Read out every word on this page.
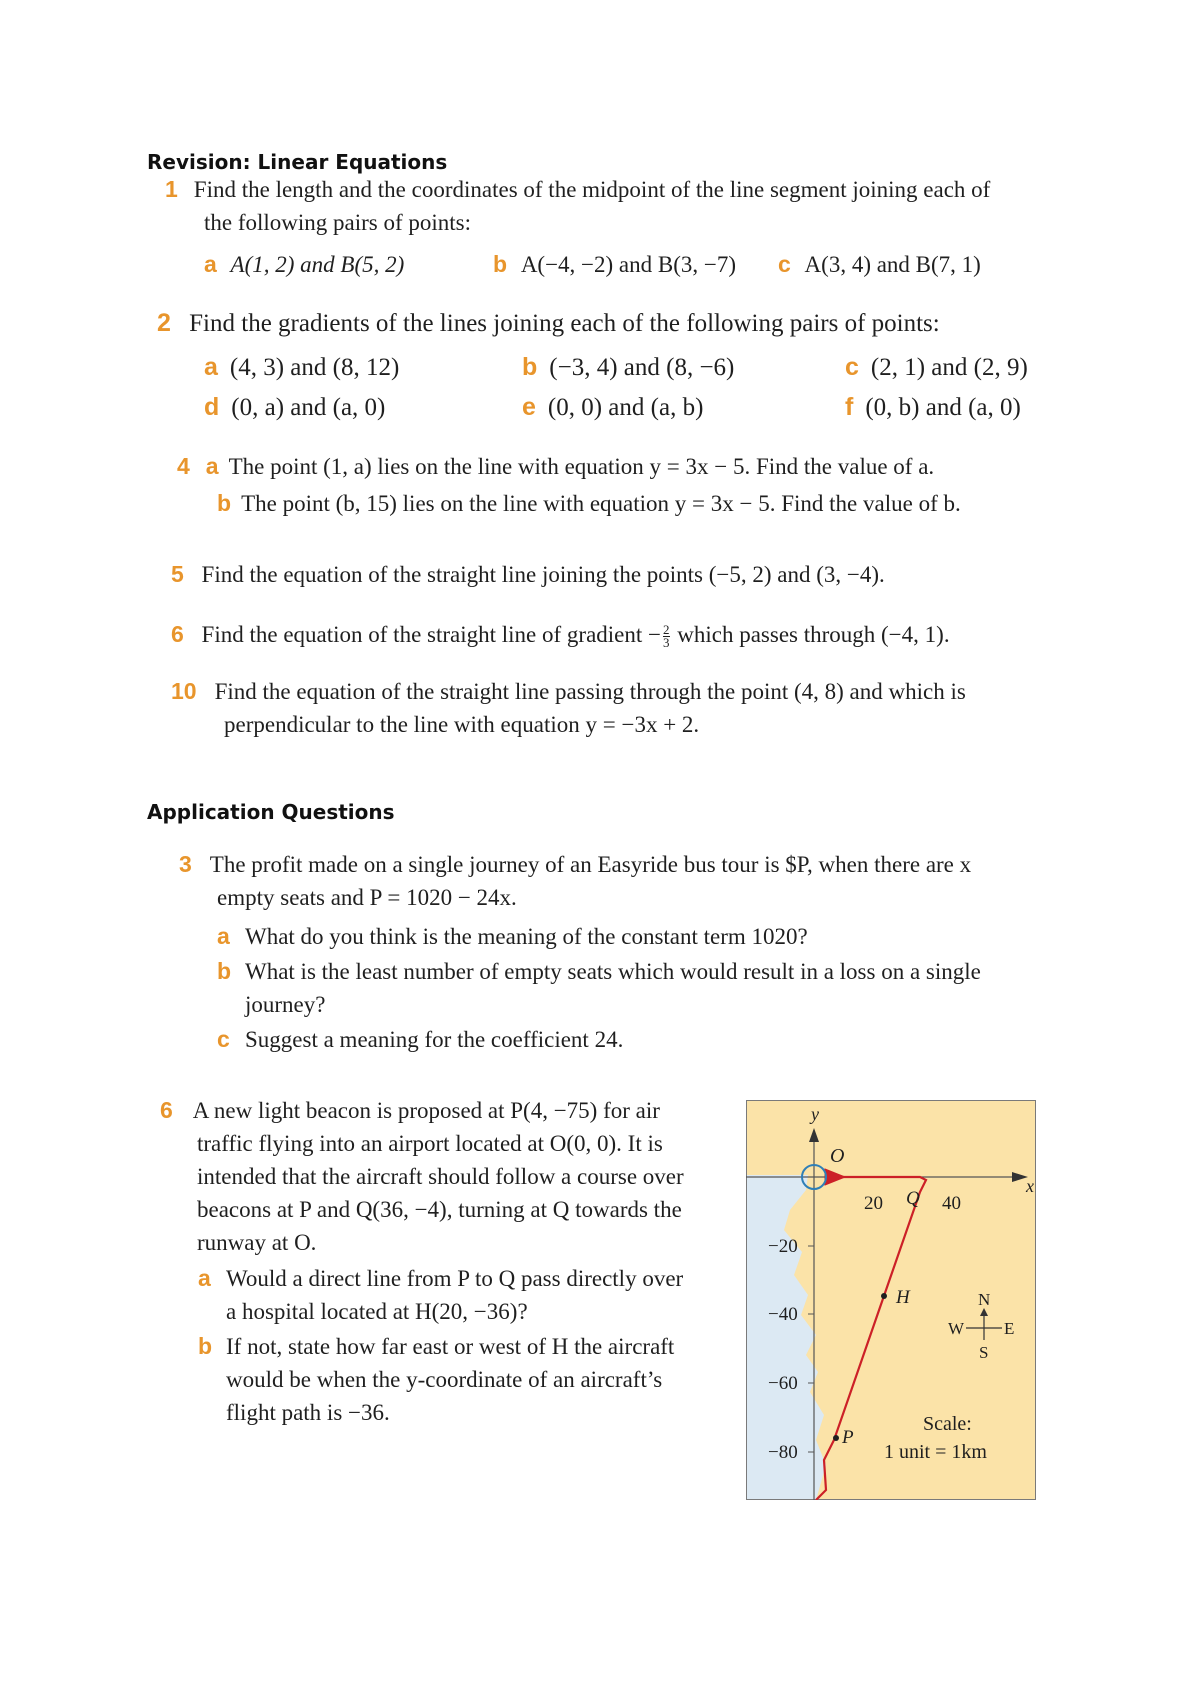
Revision: Linear Equations
1 Find the length and the coordinates of the midpoint of the line segment joining each of
the following pairs of points:
a A(1, 2) and B(5, 2)	b A(−4, −2) and B(3, −7) c A(3, 4) and B(7, 1)
2 Find the gradients of the lines joining each of the following pairs of points:
a (4, 3) and (8, 12)	b (−3, 4) and (8, −6)	c (2, 1) and (2, 9)
d (0, a) and (a, 0)	e (0, 0) and (a, b)	f (0, b) and (a, 0)
4 a The point (1, a) lies on the line with equation y = 3x − 5. Find the value of a.
b The point (b, 15) lies on the line with equation y = 3x − 5. Find the value of b.
5 Find the equation of the straight line joining the points (−5, 2) and (3, −4).
6 Find the equation of the straight line of gradient − $\frac{2}{3}$ which passes through (−4, 1).
10 Find the equation of the straight line passing through the point (4, 8) and which is
perpendicular to the line with equation y = −3x + 2.
Application Questions
3 The profit made on a single journey of an Easyride bus tour is $P, when there are x
empty seats and P = 1020 − 24x.
a What do you think is the meaning of the constant term 1020?
b What is the least number of empty seats which would result in a loss on a single
journey?
c Suggest a meaning for the coefficient 24.
6 A new light beacon is proposed at P(4, −75) for air
traffic flying into an airport located at O(0, 0). It is
intended that the aircraft should follow a course over
beacons at P and Q(36, −4), turning at Q towards the
runway at O.
a Would a direct line from P to Q pass directly over
a hospital located at H(20, −36)?
b If not, state how far east or west of H the aircraft
would be when the y-coordinate of an aircraft’s
flight path is −36.
y
x
O
−20
−40
−60
−80
20	40
Q
H
P
N
W E
S
Scale:
1 unit = 1km
